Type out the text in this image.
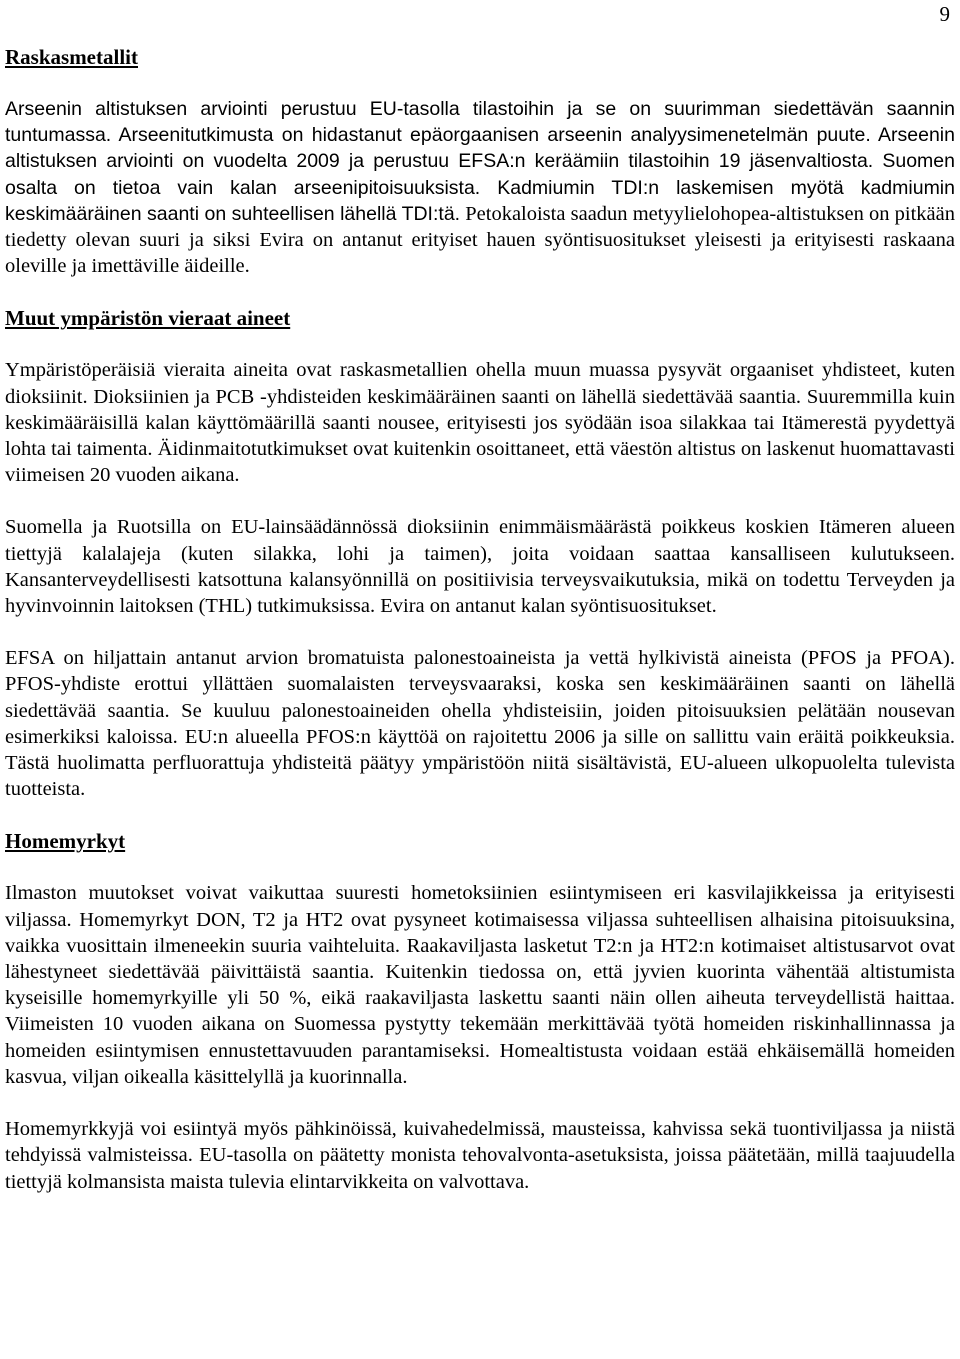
9
Raskasmetallit

Arseenin altistuksen arviointi perustuu EU-tasolla tilastoihin ja se on suurimman siedettävän saannin tuntumassa. Arseenitutkimusta on hidastanut epäorgaanisen arseenin analyysimenetelmän puute. Arseenin altistuksen arviointi on vuodelta 2009 ja perustuu EFSA:n keräämiin tilastoihin 19 jäsenvaltiosta. Suomen osalta on tietoa vain kalan arseenipitoisuuksista. Kadmiumin TDI:n laskemisen myötä kadmiumin keskimääräinen saanti on suhteellisen lähellä TDI:tä. Petokaloista saadun metyylielohopea-altistuksen on pitkään tiedetty olevan suuri ja siksi Evira on antanut erityiset hauen syöntisuositukset yleisesti ja erityisesti raskaana oleville ja imettäville äideille.

Muut ympäristön vieraat aineet

Ympäristöperäisiä vieraita aineita ovat raskasmetallien ohella muun muassa pysyvät orgaaniset yhdisteet, kuten dioksiinit. Dioksiinien ja PCB -yhdisteiden keskimääräinen saanti on lähellä siedettävää saantia. Suuremmilla kuin keskimääräisillä kalan käyttömäärillä saanti nousee, erityisesti jos syödään isoa silakkaa tai Itämerestä pyydettyä lohta tai taimenta. Äidinmaitotutkimukset ovat kuitenkin osoittaneet, että väestön altistus on laskenut huomattavasti viimeisen 20 vuoden aikana.

Suomella ja Ruotsilla on EU-lainsäädännössä dioksiinin enimmäismäärästä poikkeus koskien Itämeren alueen tiettyjä kalalajeja (kuten silakka, lohi ja taimen), joita voidaan saattaa kansalliseen kulutukseen. Kansanterveydellisesti katsottuna kalansyönnillä on positiivisia terveysvaikutuksia, mikä on todettu Terveyden ja hyvinvoinnin laitoksen (THL) tutkimuksissa. Evira on antanut kalan syöntisuositukset.

EFSA on hiljattain antanut arvion bromatuista palonestoaineista ja vettä hylkivistä aineista (PFOS ja PFOA). PFOS-yhdiste erottui yllättäen suomalaisten terveysvaaraksi, koska sen keskimääräinen saanti on lähellä siedettävää saantia. Se kuuluu palonestoaineiden ohella yhdisteisiin, joiden pitoisuuksien pelätään nousevan esimerkiksi kaloissa. EU:n alueella PFOS:n käyttöä on rajoitettu 2006 ja sille on sallittu vain eräitä poikkeuksia. Tästä huolimatta perfluorattuja yhdisteitä päätyy ympäristöön niitä sisältävistä, EU-alueen ulkopuolelta tulevista tuotteista.

Homemyrkyt

Ilmaston muutokset voivat vaikuttaa suuresti hometoksiinien esiintymiseen eri kasvilajikkeissa ja erityisesti viljassa. Homemyrkyt DON, T2 ja HT2 ovat pysyneet kotimaisessa viljassa suhteellisen alhaisina pitoisuuksina, vaikka vuosittain ilmeneekin suuria vaihteluita. Raakaviljasta lasketut T2:n ja HT2:n kotimaiset altistusarvot ovat lähestyneet siedettävää päivittäistä saantia. Kuitenkin tiedossa on, että jyvien kuorinta vähentää altistumista kyseisille homemyrkyille yli 50 %, eikä raakaviljasta laskettu saanti näin ollen aiheuta terveydellistä haittaa. Viimeisten 10 vuoden aikana on Suomessa pystytty tekemään merkittävää työtä homeiden riskinhallinnassa ja homeiden esiintymisen ennustettavuuden parantamiseksi. Homealtistusta voidaan estää ehkäisemällä homeiden kasvua, viljan oikealla käsittelyllä ja kuorinnalla.

Homemyrkkyjä voi esiintyä myös pähkinöissä, kuivahedelmissä, mausteissa, kahvissa sekä tuontiviljassa ja niistä tehdyissä valmisteissa. EU-tasolla on päätetty monista tehovalvonta-asetuksista, joissa päätetään, millä taajuudella tiettyjä kolmansista maista tulevia elintarvikkeita on valvottava.
